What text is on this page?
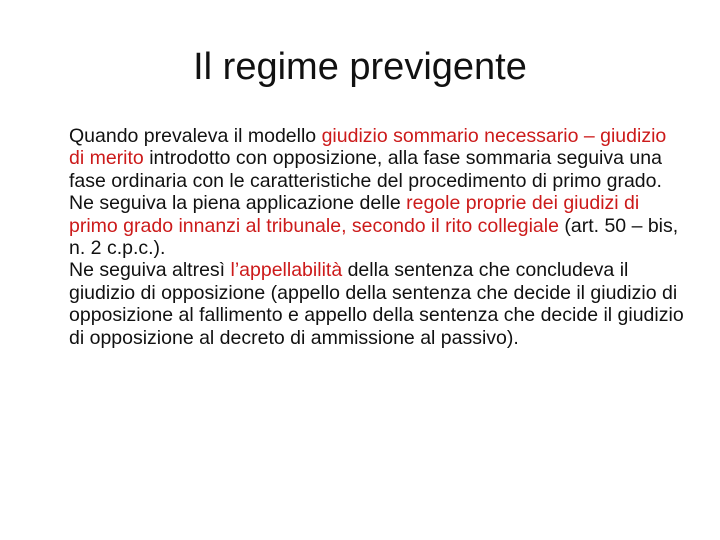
Il regime previgente

Quando prevaleva il modello giudizio sommario necessario – giudizio di merito introdotto con opposizione, alla fase sommaria seguiva una fase ordinaria con le caratteristiche del procedimento di primo grado.

Ne seguiva la piena applicazione delle regole proprie dei giudizi di primo grado innanzi al tribunale, secondo il rito collegiale (art. 50 – bis, n. 2 c.p.c.).

Ne seguiva altresì l’appellabilità della sentenza che concludeva il giudizio di opposizione (appello della sentenza che decide il giudizio di opposizione al fallimento e appello della sentenza che decide il giudizio di opposizione al decreto di ammissione al passivo).
